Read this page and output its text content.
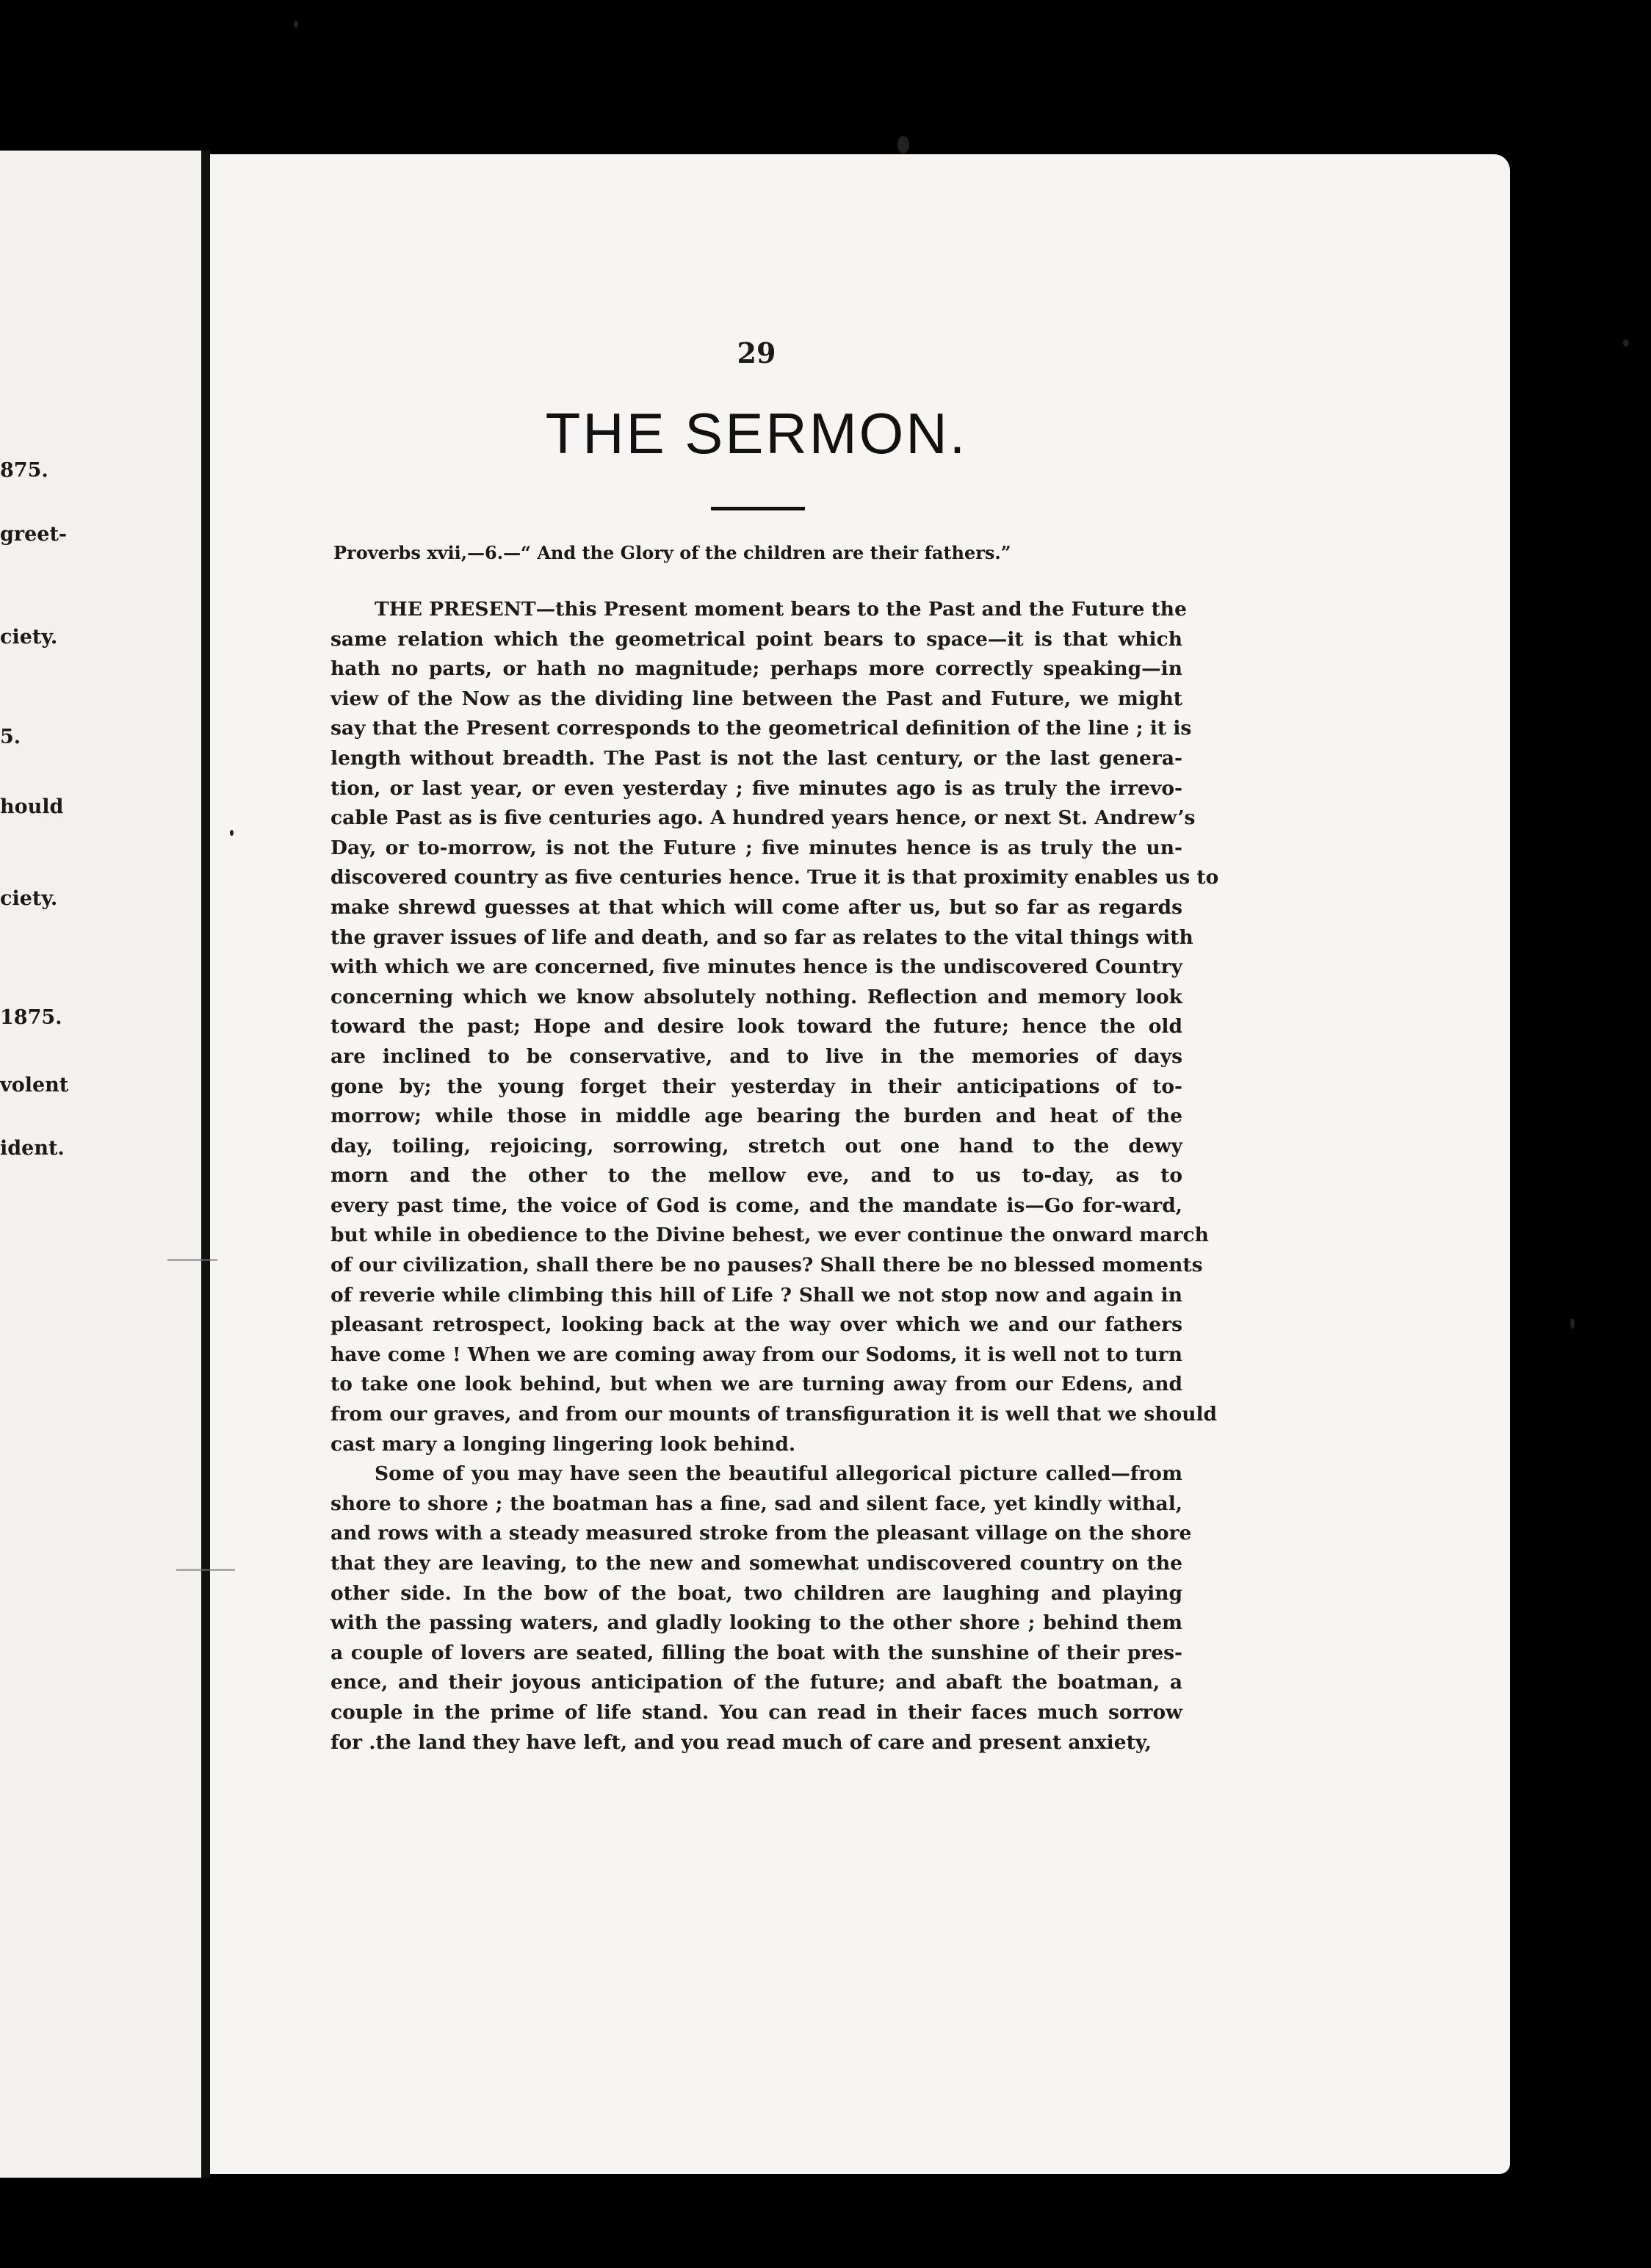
875.
greet-
ciety.
5.
hould
ciety.
1875.
volent
ident.
29
THE SERMON.
Proverbs xvii,—6.—“ And the Glory of the children are their fathers.”
THE PRESENT—this Present moment bears to the Past and the Future the
same relation which the geometrical point bears to space—it is that which
hath no parts, or hath no magnitude; perhaps more correctly speaking—in
view of the Now as the dividing line between the Past and Future, we might
say that the Present corresponds to the geometrical definition of the line ; it is
length without breadth. The Past is not the last century, or the last genera-
tion, or last year, or even yesterday ; five minutes ago is as truly the irrevo-
cable Past as is five centuries ago. A hundred years hence, or next St. Andrew’s
Day, or to-morrow, is not the Future ; five minutes hence is as truly the un-
discovered country as five centuries hence. True it is that proximity enables us to
make shrewd guesses at that which will come after us, but so far as regards
the graver issues of life and death, and so far as relates to the vital things with
with which we are concerned, five minutes hence is the undiscovered Country
concerning which we know absolutely nothing. Reflection and memory look
toward the past; Hope and desire look toward the future; hence the old
are inclined to be conservative, and to live in the memories of days
gone by; the young forget their yesterday in their anticipations of to-
morrow; while those in middle age bearing the burden and heat of the
day, toiling, rejoicing, sorrowing, stretch out one hand to the dewy
morn and the other to the mellow eve, and to us to-day, as to
every past time, the voice of God is come, and the mandate is—Go for-ward,
but while in obedience to the Divine behest, we ever continue the onward march
of our civilization, shall there be no pauses? Shall there be no blessed moments
of reverie while climbing this hill of Life ? Shall we not stop now and again in
pleasant retrospect, looking back at the way over which we and our fathers
have come ! When we are coming away from our Sodoms, it is well not to turn
to take one look behind, but when we are turning away from our Edens, and
from our graves, and from our mounts of transfiguration it is well that we should
cast mary a longing lingering look behind.
Some of you may have seen the beautiful allegorical picture called—from
shore to shore ; the boatman has a fine, sad and silent face, yet kindly withal,
and rows with a steady measured stroke from the pleasant village on the shore
that they are leaving, to the new and somewhat undiscovered country on the
other side. In the bow of the boat, two children are laughing and playing
with the passing waters, and gladly looking to the other shore ; behind them
a couple of lovers are seated, filling the boat with the sunshine of their pres-
ence, and their joyous anticipation of the future; and abaft the boatman, a
couple in the prime of life stand. You can read in their faces much sorrow
for .the land they have left, and you read much of care and present anxiety,
